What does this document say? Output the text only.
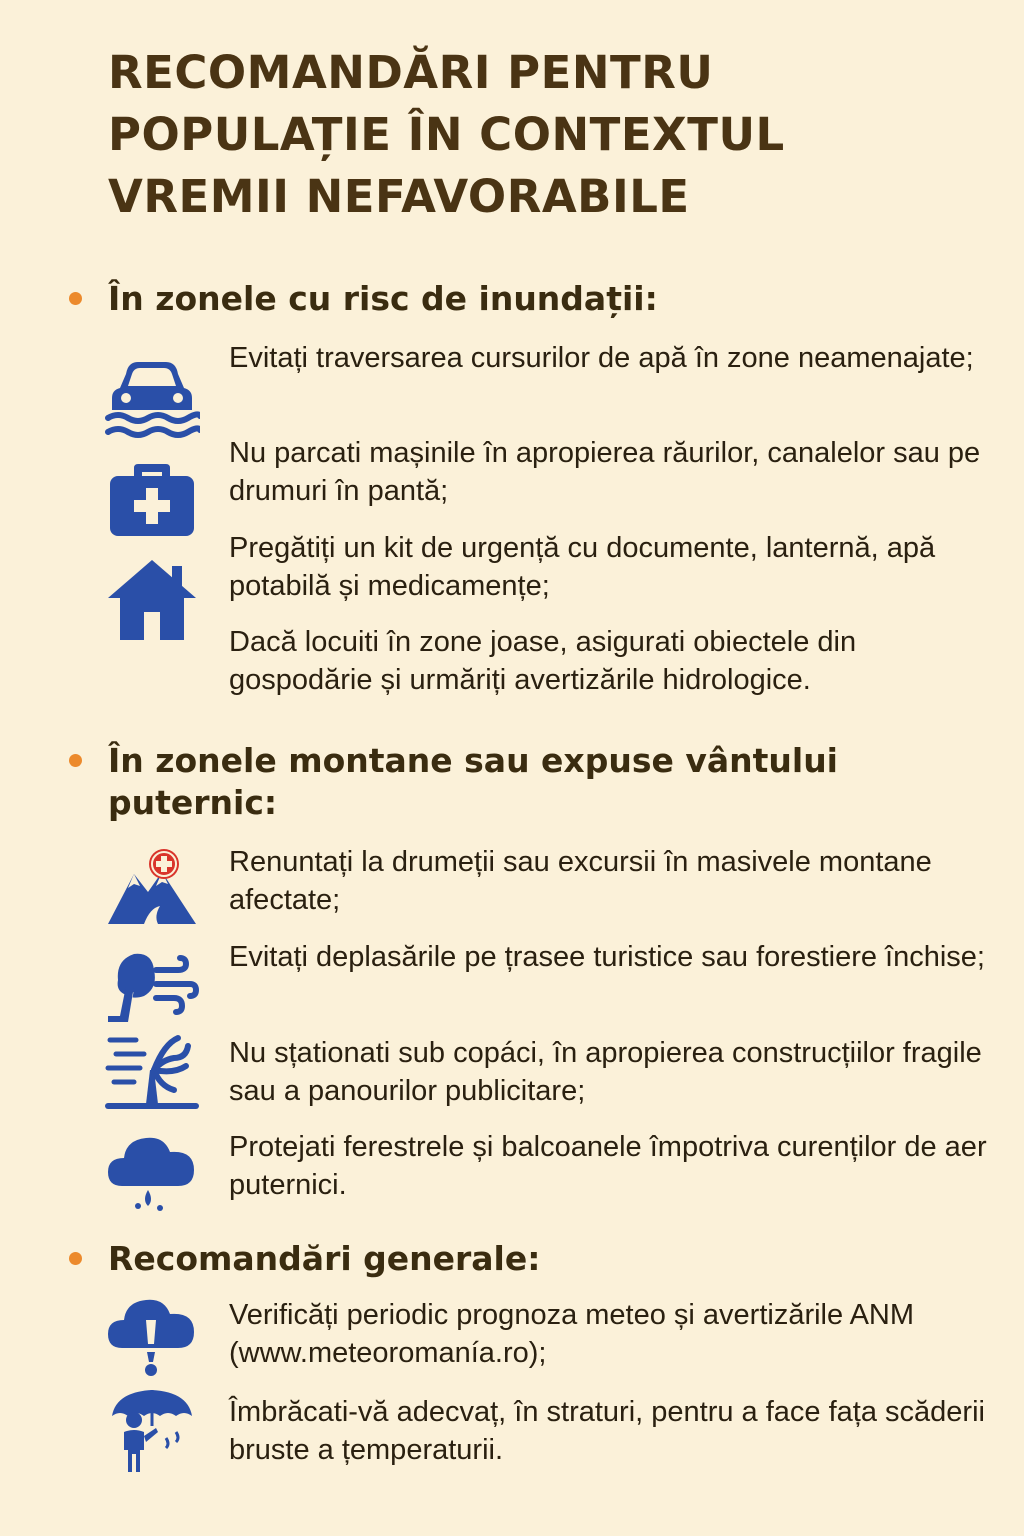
RECOMANDĂRI PENTRU POPULAȚIE ÎN CONTEXTUL VREMII NEFAVORABILE
În zonele cu risc de inundații:

Evitați traversarea cursurilor de apă în zone neamenajate;

Nu parcati mașinile în apropierea răurilor, canalelor sau pe drumuri în pantă;

Pregătiți un kit de urgență cu documente, lanternă, apă potabilă și medicamențe;

Dacă locuiti în zone joase, asigurati obiectele din gospodărie și urmăriți avertizările hidrologice.

În zonele montane sau expuse vântului puternic:

Renuntați la drumeții sau excursii în masivele montane afectate;

Evitați deplasările pe țrasee turistice sau forestiere închise;

Nu sțationati sub copáci, în apropierea construcțiilor fragile sau a panourilor publicitare;

Protejati ferestrele și balcoanele împotriva curenților de aer puternici.

Recomandări generale:

Verificăți periodic prognoza meteo și avertizările ANM (www.meteoromanía.ro);

Îmbrăcati-vă adecvaț, în straturi, pentru a face fața scăderii bruste a țemperaturii.
